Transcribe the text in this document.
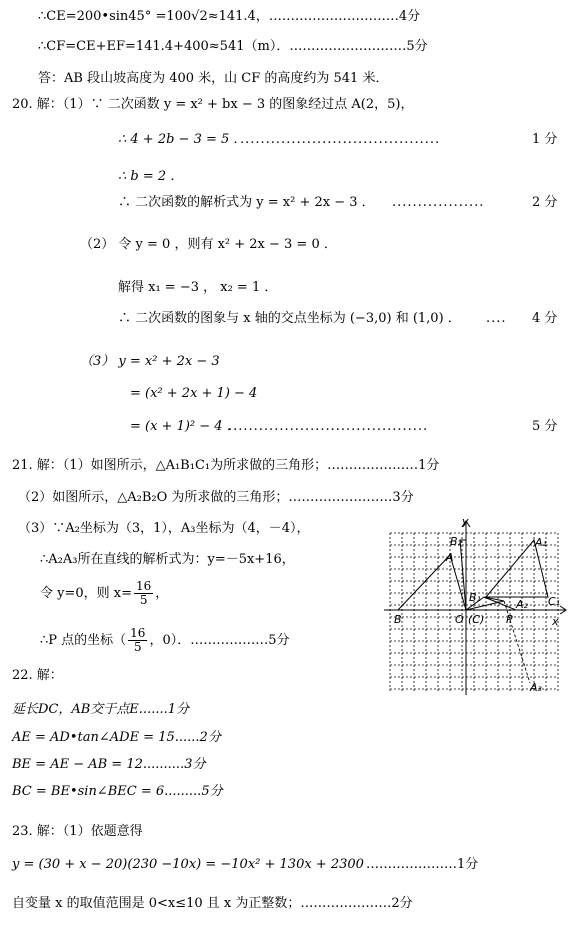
∴CE=200•sin45° =100√2≈141.4，…………………………4分
∴CF=CE+EF=141.4+400≈541（m）．………………………5分
答：AB 段山坡高度为 400 米，山 CF 的高度约为 541 米．
20. 解：（1）∵ 二次函数 y = x² + bx − 3 的图象经过点 A(2，5)，
∴ 4 + 2b − 3 = 5 ．
.......................................	1 分
∴ b = 2 ．
∴ 二次函数的解析式为 y = x² + 2x − 3 ． ..................	2 分
（2） 令 y = 0 ，则有 x² + 2x − 3 = 0 ．
解得 x₁ = −3 ， x₂ = 1 ．
∴ 二次函数的图象与 x 轴的交点坐标为 (−3,0) 和 (1,0) ． .... 4 分
（3） y = x² + 2x − 3
= (x² + 2x + 1) − 4
= (x + 1)² − 4 ．
.......................................	5 分
21. 解：（1）如图所示，△A₁B₁C₁为所求做的三角形；…………………1分
（2）如图所示，△A₂B₂O 为所求做的三角形；……………………3分
（3）∵A₂坐标为（3，1），A₃坐标为（4，－4），
∴A₂A₃所在直线的解析式为：y=－5x+16，
令 y=0，则 $x= \frac{16}{5}$ ，
∴P 点的坐标（ $\frac{16}{5}$ ，0）．………………5分
y
x
B₂	A₁
A
B₁
A₂ C₁
B	O (C) P
A₃
22. 解：
延长DC，AB交于点E.......1分
AE = AD•tan∠ADE = 15......2分
BE = AE − AB = 12..........3分
BC = BE•sin∠BEC = 6.........5分
23. 解：（1）依题意得
y = (30 + x − 20)(230 −10x) = −10x² + 130x + 2300 …………………1分
自变量 x 的取值范围是 0<x≤10 且 x 为正整数；…………………2分
